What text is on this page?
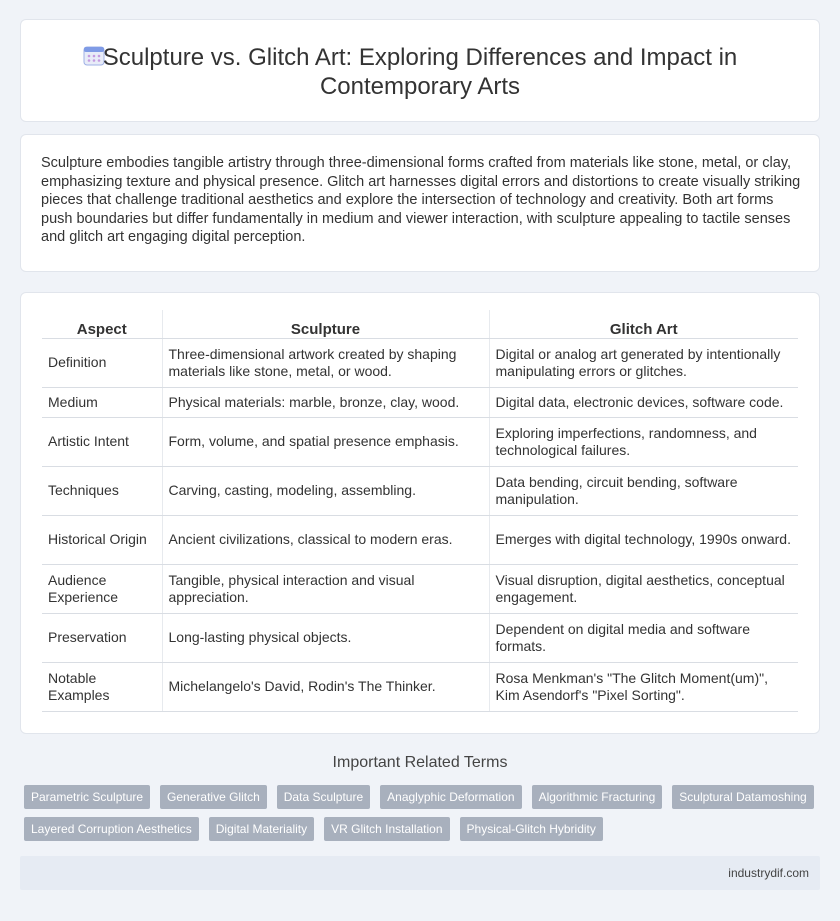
Sculpture vs. Glitch Art: Exploring Differences and Impact in Contemporary Arts

Sculpture embodies tangible artistry through three-dimensional forms crafted from materials like stone, metal, or clay, emphasizing texture and physical presence. Glitch art harnesses digital errors and distortions to create visually striking pieces that challenge traditional aesthetics and explore the intersection of technology and creativity. Both art forms push boundaries but differ fundamentally in medium and viewer interaction, with sculpture appealing to tactile senses and glitch art engaging digital perception.

Aspect	Sculpture	Glitch Art
Definition	Three-dimensional artwork created by shaping materials like stone, metal, or wood.	Digital or analog art generated by intentionally manipulating errors or glitches.
Medium	Physical materials: marble, bronze, clay, wood.	Digital data, electronic devices, software code.
Artistic Intent	Form, volume, and spatial presence emphasis.	Exploring imperfections, randomness, and technological failures.
Techniques	Carving, casting, modeling, assembling.	Data bending, circuit bending, software manipulation.
Historical Origin	Ancient civilizations, classical to modern eras.	Emerges with digital technology, 1990s onward.
Audience Experience	Tangible, physical interaction and visual appreciation.	Visual disruption, digital aesthetics, conceptual engagement.
Preservation	Long-lasting physical objects.	Dependent on digital media and software formats.
Notable Examples	Michelangelo's David, Rodin's The Thinker.	Rosa Menkman's "The Glitch Moment(um)", Kim Asendorf's "Pixel Sorting".
Important Related Terms
Parametric Sculpture	Generative Glitch	Data Sculpture	Anaglyphic Deformation	Algorithmic Fracturing	Sculptural Datamoshing
Layered Corruption Aesthetics	Digital Materiality	VR Glitch Installation	Physical-Glitch Hybridity
industrydif.com
